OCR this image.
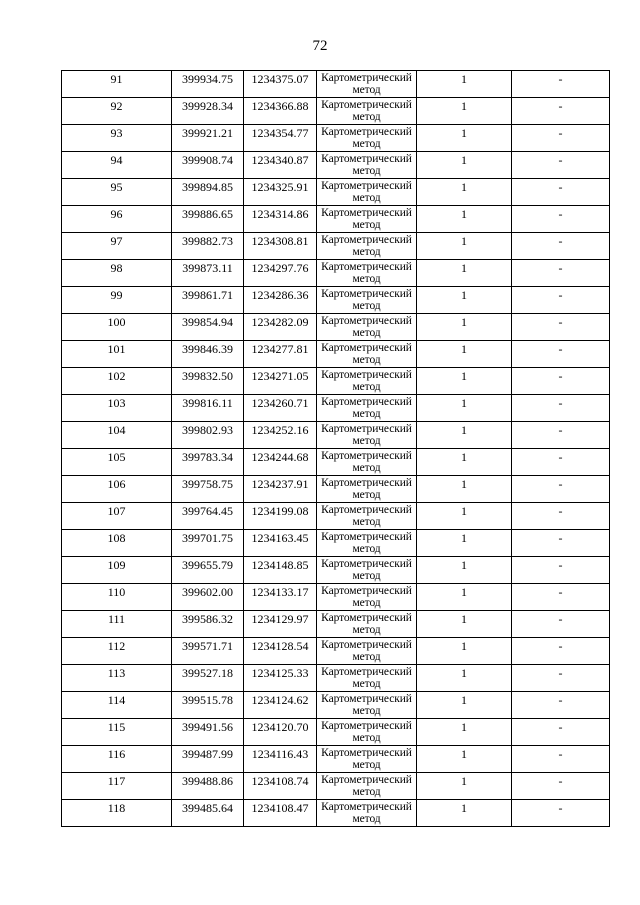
72
91	399934.75	1234375.07	Картометрический метод	1	-
92	399928.34	1234366.88	Картометрический метод	1	-
93	399921.21	1234354.77	Картометрический метод	1	-
94	399908.74	1234340.87	Картометрический метод	1	-
95	399894.85	1234325.91	Картометрический метод	1	-
96	399886.65	1234314.86	Картометрический метод	1	-
97	399882.73	1234308.81	Картометрический метод	1	-
98	399873.11	1234297.76	Картометрический метод	1	-
99	399861.71	1234286.36	Картометрический метод	1	-
100	399854.94	1234282.09	Картометрический метод	1	-
101	399846.39	1234277.81	Картометрический метод	1	-
102	399832.50	1234271.05	Картометрический метод	1	-
103	399816.11	1234260.71	Картометрический метод	1	-
104	399802.93	1234252.16	Картометрический метод	1	-
105	399783.34	1234244.68	Картометрический метод	1	-
106	399758.75	1234237.91	Картометрический метод	1	-
107	399764.45	1234199.08	Картометрический метод	1	-
108	399701.75	1234163.45	Картометрический метод	1	-
109	399655.79	1234148.85	Картометрический метод	1	-
110	399602.00	1234133.17	Картометрический метод	1	-
111	399586.32	1234129.97	Картометрический метод	1	-
112	399571.71	1234128.54	Картометрический метод	1	-
113	399527.18	1234125.33	Картометрический метод	1	-
114	399515.78	1234124.62	Картометрический метод	1	-
115	399491.56	1234120.70	Картометрический метод	1	-
116	399487.99	1234116.43	Картометрический метод	1	-
117	399488.86	1234108.74	Картометрический метод	1	-
118	399485.64	1234108.47	Картометрический метод	1	-
